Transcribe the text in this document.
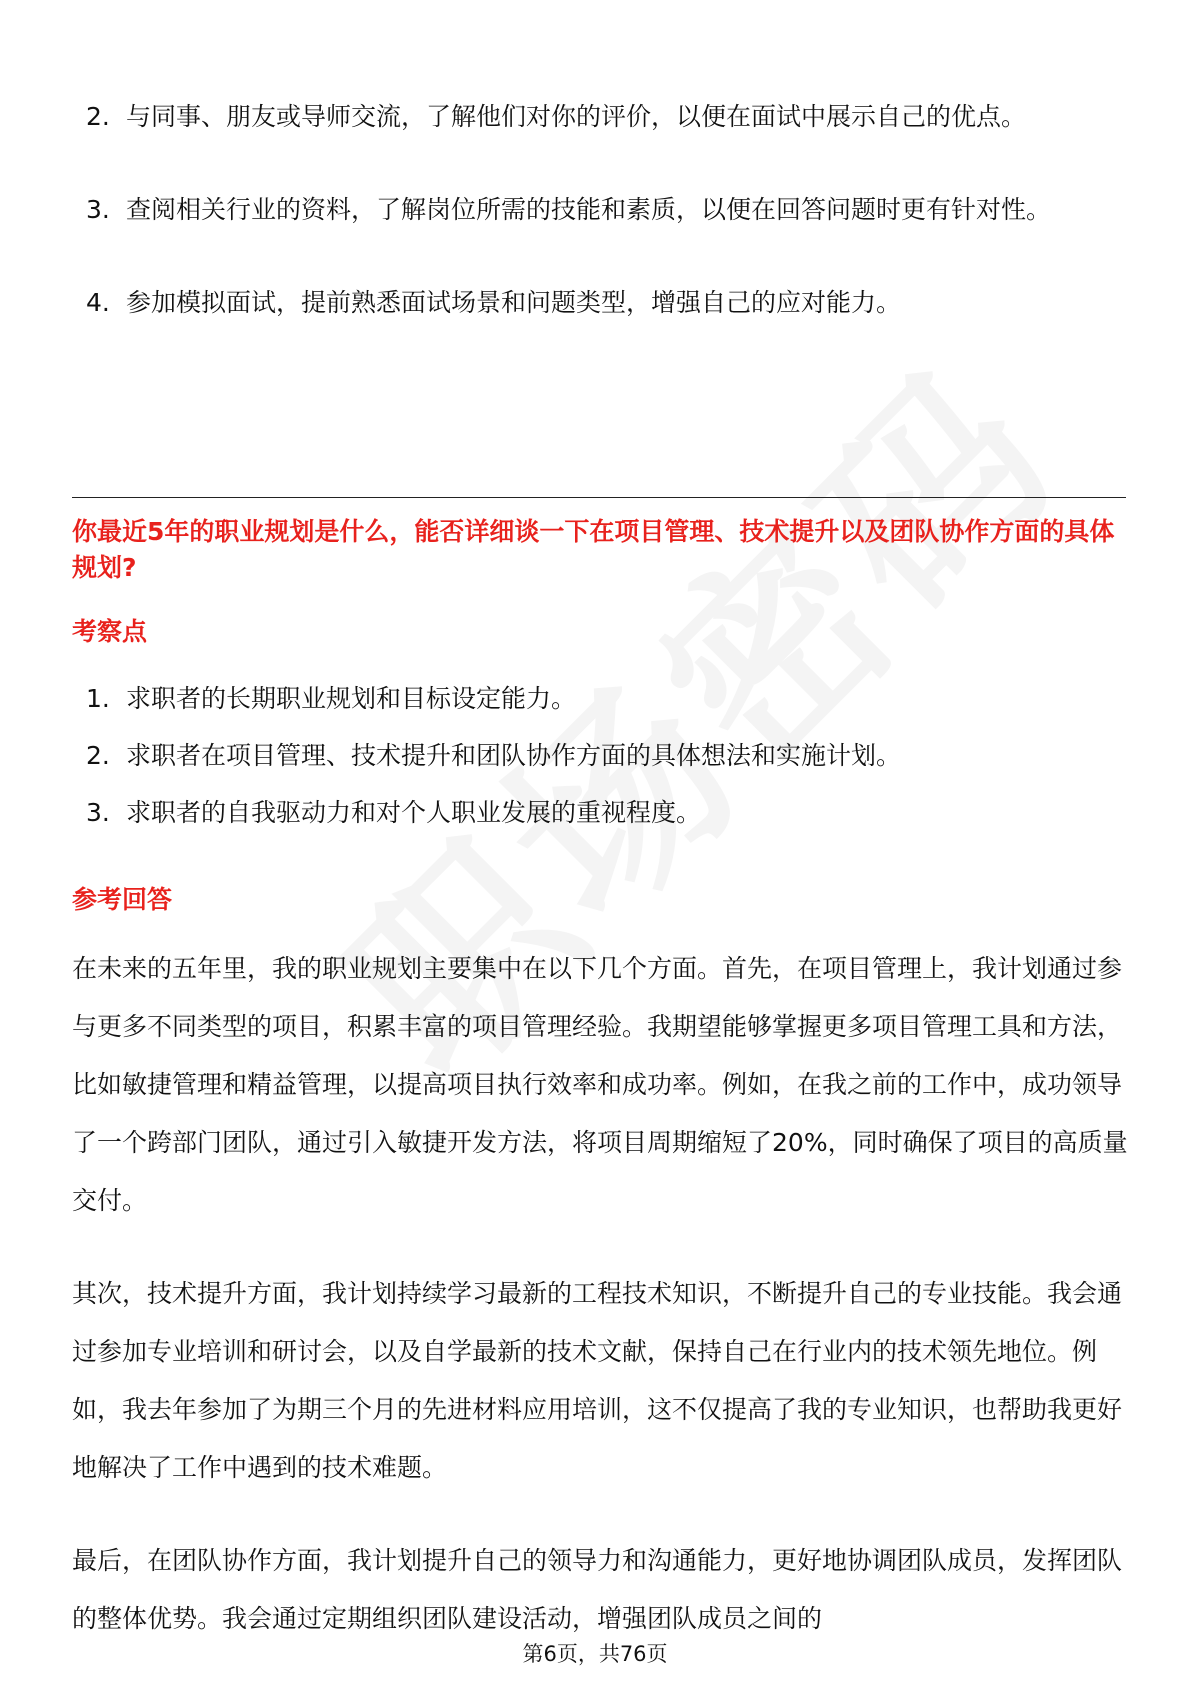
2. 与同事、朋友或导师交流，了解他们对你的评价，以便在面试中展示自己的优点。
3. 查阅相关行业的资料，了解岗位所需的技能和素质，以便在回答问题时更有针对性。
4. 参加模拟面试，提前熟悉面试场景和问题类型，增强自己的应对能力。
你最近5年的职业规划是什么，能否详细谈一下在项目管理、技术提升以及团队协作方面的具体规划?
考察点
1. 求职者的长期职业规划和目标设定能力。
2. 求职者在项目管理、技术提升和团队协作方面的具体想法和实施计划。
3. 求职者的自我驱动力和对个人职业发展的重视程度。
参考回答
在未来的五年里，我的职业规划主要集中在以下几个方面。首先，在项目管理上，我计划通过参与更多不同类型的项目，积累丰富的项目管理经验。我期望能够掌握更多项目管理工具和方法，比如敏捷管理和精益管理，以提高项目执行效率和成功率。例如，在我之前的工作中，成功领导了一个跨部门团队，通过引入敏捷开发方法，将项目周期缩短了20%，同时确保了项目的高质量交付。
其次，技术提升方面，我计划持续学习最新的工程技术知识，不断提升自己的专业技能。我会通过参加专业培训和研讨会，以及自学最新的技术文献，保持自己在行业内的技术领先地位。例如，我去年参加了为期三个月的先进材料应用培训，这不仅提高了我的专业知识，也帮助我更好地解决了工作中遇到的技术难题。
最后，在团队协作方面，我计划提升自己的领导力和沟通能力，更好地协调团队成员，发挥团队的整体优势。我会通过定期组织团队建设活动，增强团队成员之间的
第6页，共76页
